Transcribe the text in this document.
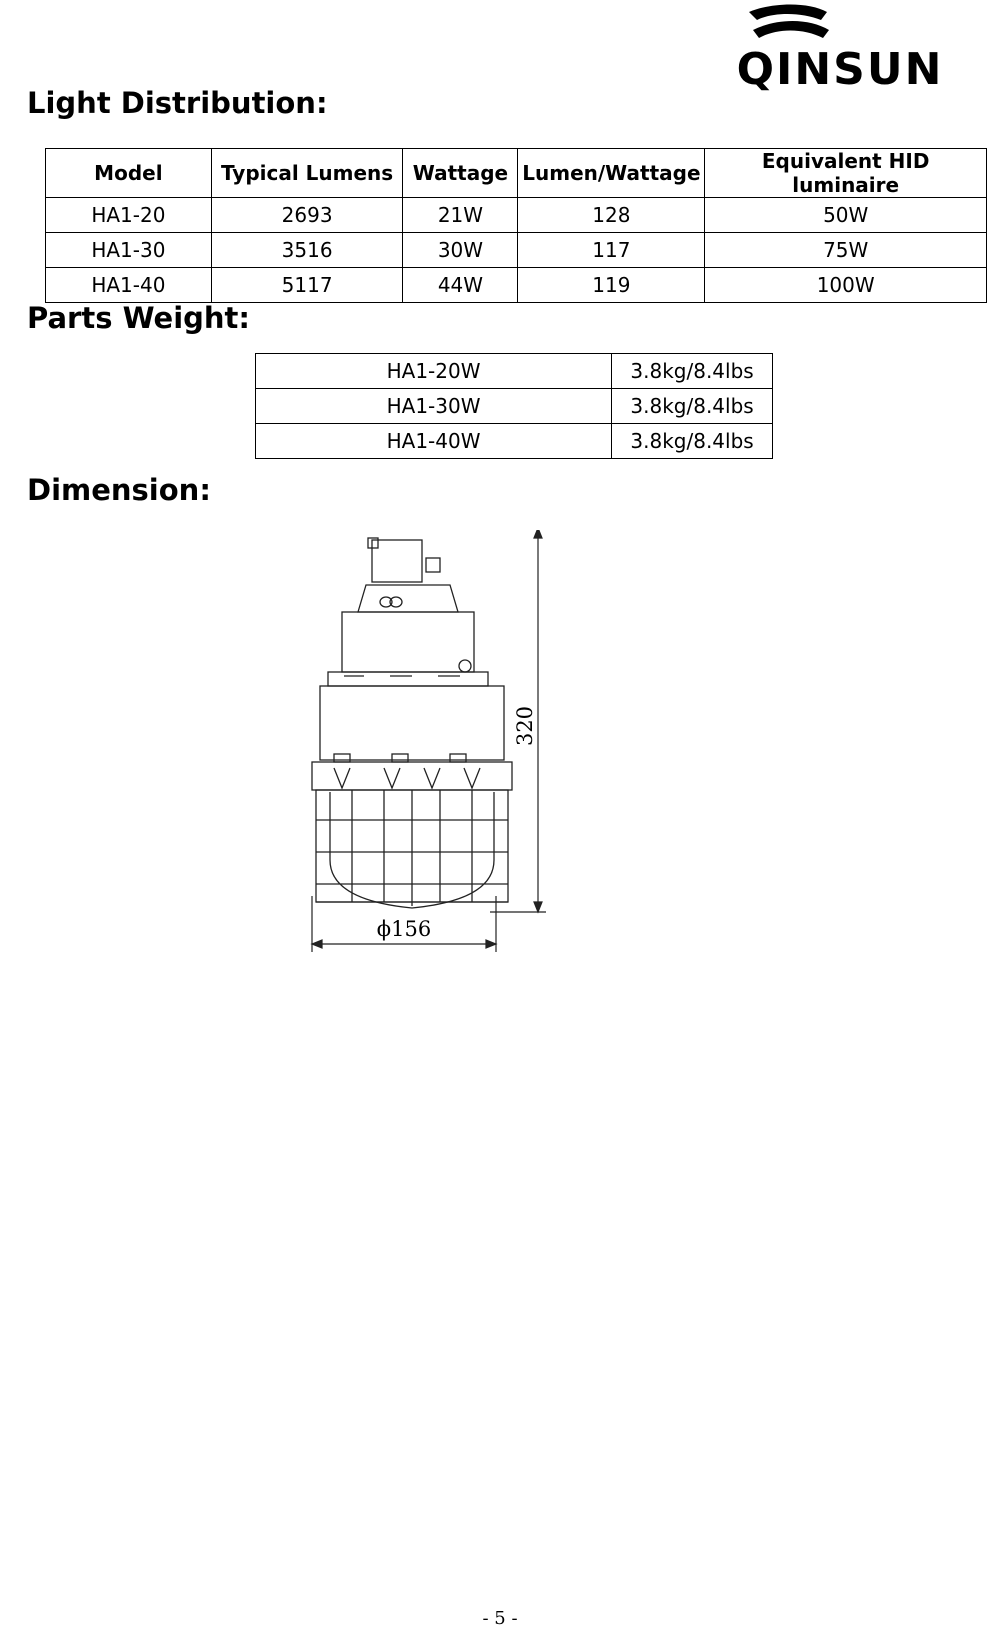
QINSUN
Light Distribution:
Model	Typical Lumens	Wattage	Lumen/Wattage	Equivalent HID luminaire
HA1-20	2693	21W	128	50W
HA1-30	3516	30W	117	75W
HA1-40	5117	44W	119	100W
Parts Weight:
HA1-20W	3.8kg/8.4lbs
HA1-30W	3.8kg/8.4lbs
HA1-40W	3.8kg/8.4lbs
Dimension:
320
ϕ156
- 5 -
